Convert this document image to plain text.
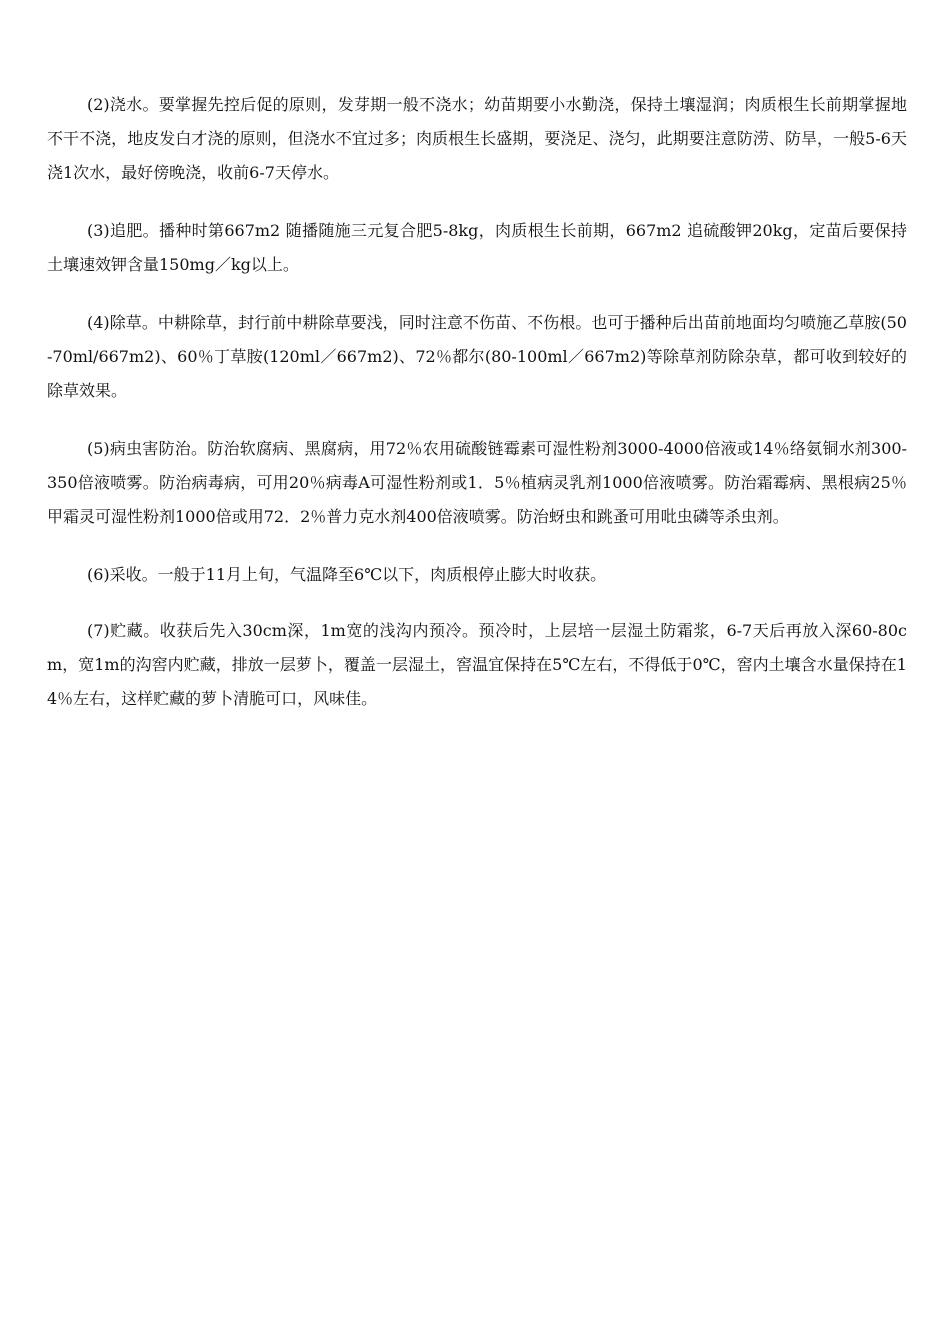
(2)浇水。要掌握先控后促的原则，发芽期一般不浇水；幼苗期要小水勤浇，保持土壤湿润；肉质根生长前期掌握地不干不浇，地皮发白才浇的原则，但浇水不宜过多；肉质根生长盛期，要浇足、浇匀，此期要注意防涝、防旱，一般5-6天浇1次水，最好傍晚浇，收前6-7天停水。

(3)追肥。播种时第667m2 随播随施三元复合肥5-8kg，肉质根生长前期，667m2 追硫酸钾20kg，定苗后要保持土壤速效钾含量150mg／kg以上。

(4)除草。中耕除草，封行前中耕除草要浅，同时注意不伤苗、不伤根。也可于播种后出苗前地面均匀喷施乙草胺(50-70ml/667m2)、60％丁草胺(120ml／667m2)、72％都尔(80-100ml／667m2)等除草剂防除杂草，都可收到较好的除草效果。

(5)病虫害防治。防治软腐病、黑腐病，用72％农用硫酸链霉素可湿性粉剂3000-4000倍液或14％络氨铜水剂300-350倍液喷雾。防治病毒病，可用20％病毒A可湿性粉剂或1．5％植病灵乳剂1000倍液喷雾。防治霜霉病、黑根病25％甲霜灵可湿性粉剂1000倍或用72．2％普力克水剂400倍液喷雾。防治蚜虫和跳蚤可用吡虫磷等杀虫剂。

(6)采收。一般于11月上旬，气温降至6℃以下，肉质根停止膨大时收获。

(7)贮藏。收获后先入30cm深，1m宽的浅沟内预冷。预冷时，上层培一层湿土防霜浆，6-7天后再放入深60-80cm，宽1m的沟窖内贮藏，排放一层萝卜，覆盖一层湿土，窖温宜保持在5℃左右，不得低于0℃，窖内土壤含水量保持在14％左右，这样贮藏的萝卜清脆可口，风味佳。
